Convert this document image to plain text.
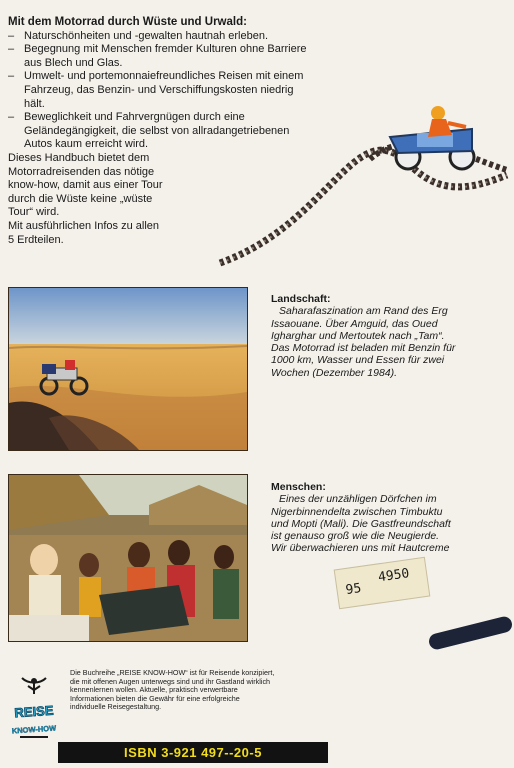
Mit dem Motorrad durch Wüste und Urwald:
– Naturschönheiten und -gewalten hautnah erleben.
– Begegnung mit Menschen fremder Kulturen ohne Barriere aus Blech und Glas.
– Umwelt- und portemonnaiefreundliches Reisen mit einem Fahrzeug, das Benzin- und Verschiffungskosten niedrig hält.
– Beweglichkeit und Fahrvergnügen durch eine Geländegängigkeit, die selbst von allradangetriebenen Autos kaum erreicht wird.
Dieses Handbuch bietet dem Motorradreisenden das nötige know-how, damit aus einer Tour durch die Wüste keine „wüste Tour“ wird.
Mit ausführlichen Infos zu allen 5 Erdteilen.
Landschaft:
Saharafaszination am Rand des Erg Issaouane. Über Amguid, das Oued Igharghar und Mertoutek nach „Tam“. Das Motorrad ist beladen mit Benzin für 1000 km, Wasser und Essen für zwei Wochen (Dezember 1984).
Menschen:
Eines der unzähligen Dörfchen im Nigerbinnendelta zwischen Timbuktu und Mopti (Mali). Die Gastfreundschaft ist genauso groß wie die Neugierde. Wir überwachieren uns mit Hautcreme
95
4950
REISE
KNOW-HOW
Die Buchreihe „REISE KNOW-HOW“ ist für Reisende konzipiert, die mit offenen Augen unterwegs sind und ihr Gastland wirklich kennenlernen wollen. Aktuelle, praktisch verwertbare Informationen bieten die Gewähr für eine erfolgreiche individuelle Reisegestaltung.
ISBN 3-921 497--20-5
